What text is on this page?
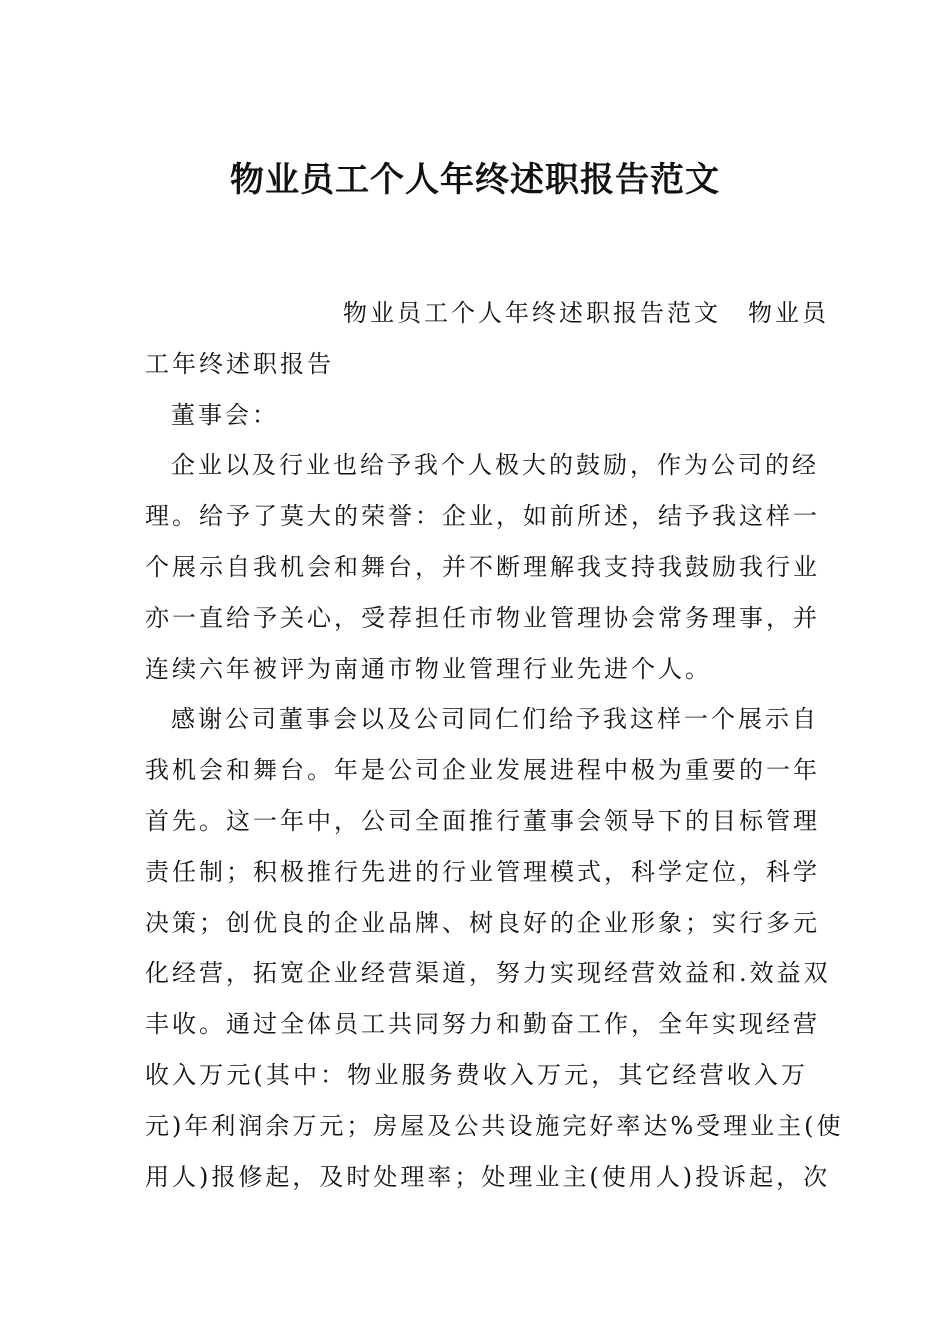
物业员工个人年终述职报告范文
物业员工个人年终述职报告范文　物业员
工年终述职报告
董事会：
企业以及行业也给予我个人极大的鼓励，作为公司的经
理。给予了莫大的荣誉：企业，如前所述，结予我这样一
个展示自我机会和舞台，并不断理解我支持我鼓励我行业
亦一直给予关心，受荐担任市物业管理协会常务理事，并
连续六年被评为南通市物业管理行业先进个人。
感谢公司董事会以及公司同仁们给予我这样一个展示自
我机会和舞台。年是公司企业发展进程中极为重要的一年
首先。这一年中，公司全面推行董事会领导下的目标管理
责任制；积极推行先进的行业管理模式，科学定位，科学
决策；创优良的企业品牌、树良好的企业形象；实行多元
化经营，拓宽企业经营渠道，努力实现经营效益和.效益双
丰收。通过全体员工共同努力和勤奋工作，全年实现经营
收入万元(其中：物业服务费收入万元，其它经营收入万
元)年利润余万元；房屋及公共设施完好率达%受理业主(使
用人)报修起，及时处理率；处理业主(使用人)投诉起，次
